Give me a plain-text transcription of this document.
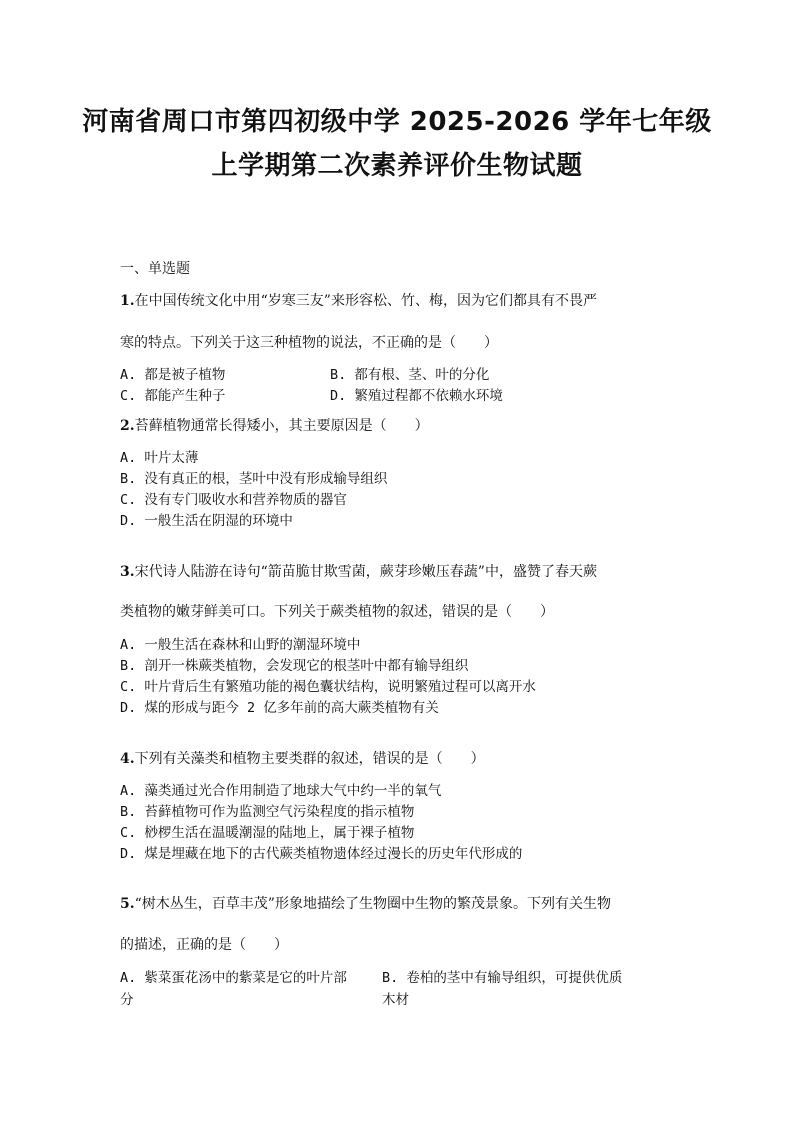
河南省周口市第四初级中学 2025-2026 学年七年级
上学期第二次素养评价生物试题
一、单选题
1.在中国传统文化中用“岁寒三友”来形容松、竹、梅，因为它们都具有不畏严
寒的特点。下列关于这三种植物的说法，不正确的是（　　）
A. 都是被子植物	B. 都有根、茎、叶的分化
C. 都能产生种子	D. 繁殖过程都不依赖水环境
2.苔藓植物通常长得矮小，其主要原因是（　　）
A. 叶片太薄
B. 没有真正的根，茎叶中没有形成输导组织
C. 没有专门吸收水和营养物质的器官
D. 一般生活在阴湿的环境中
3.宋代诗人陆游在诗句“箭苗脆甘欺雪菌，蕨芽珍嫩压春蔬”中，盛赞了春天蕨
类植物的嫩芽鲜美可口。下列关于蕨类植物的叙述，错误的是（　　）
A. 一般生活在森林和山野的潮湿环境中
B. 剖开一株蕨类植物，会发现它的根茎叶中都有输导组织
C. 叶片背后生有繁殖功能的褐色囊状结构，说明繁殖过程可以离开水
D. 煤的形成与距今 2 亿多年前的高大蕨类植物有关
4.下列有关藻类和植物主要类群的叙述，错误的是（　　）
A. 藻类通过光合作用制造了地球大气中约一半的氧气
B. 苔藓植物可作为监测空气污染程度的指示植物
C. 桫椤生活在温暖潮湿的陆地上，属于裸子植物
D. 煤是埋藏在地下的古代蕨类植物遗体经过漫长的历史年代形成的
5.“树木丛生，百草丰茂”形象地描绘了生物圈中生物的繁茂景象。下列有关生物
的描述，正确的是（　　）
A. 紫菜蛋花汤中的紫菜是它的叶片部	B. 卷柏的茎中有输导组织，可提供优质
分	木材
